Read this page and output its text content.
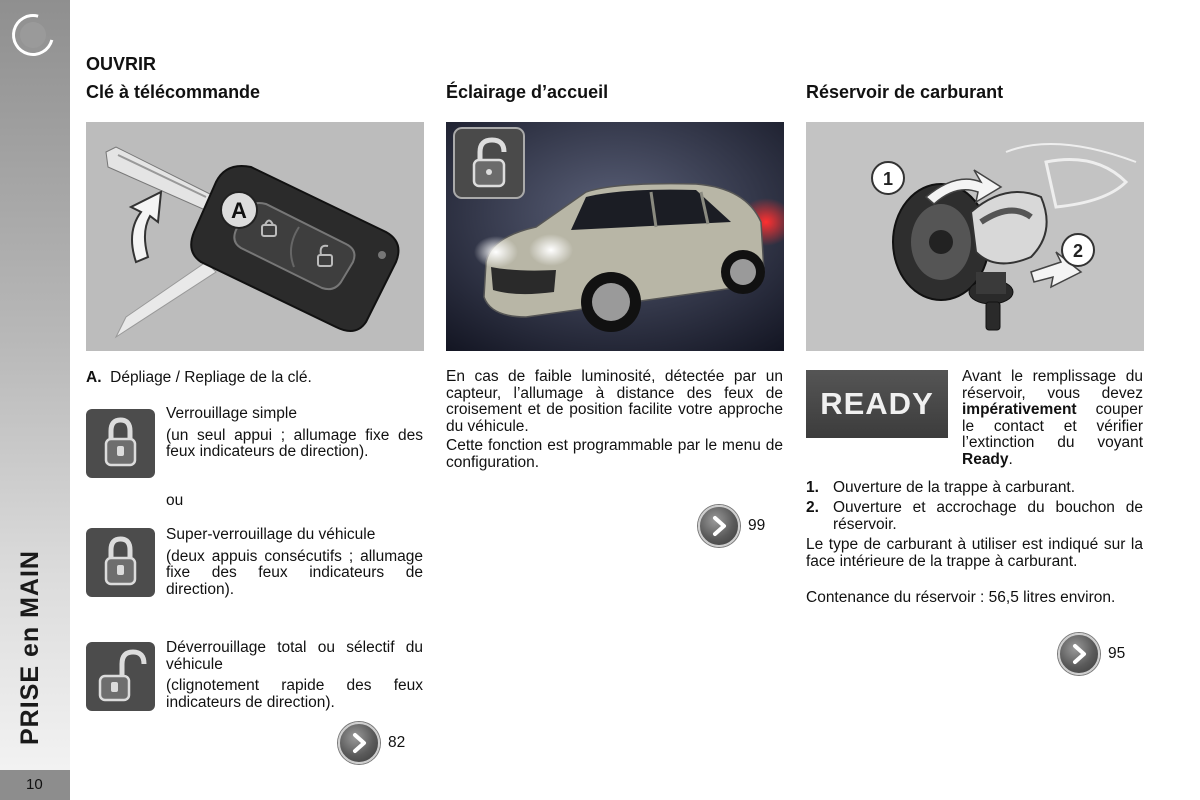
PRISE en MAIN
10
OUVRIR
Clé à télécommande	Éclairage d’accueil	Réservoir de carburant
A
1
2
A. Dépliage / Repliage de la clé.
Verrouillage simple
(un seul appui ; allumage fixe des feux indicateurs de direction).
ou
Super-verrouillage du véhicule
(deux appuis consécutifs ; allumage fixe des feux indicateurs de direction).
Déverrouillage total ou sélectif du véhicule
(clignotement rapide des feux indicateurs de direction).
82
En cas de faible luminosité, détectée par un capteur, l’allumage à distance des feux de croisement et de position facilite votre approche du véhicule.
Cette fonction est programmable par le menu de configuration.
99
READY
Avant le remplissage du réservoir, vous devez impérativement couper le contact et vérifier l’extinction du voyant Ready.
1. Ouverture de la trappe à carburant.
2. Ouverture et accrochage du bouchon de réservoir.
Le type de carburant à utiliser est indiqué sur la face intérieure de la trappe à carburant.
Contenance du réservoir : 56,5 litres environ.
95
